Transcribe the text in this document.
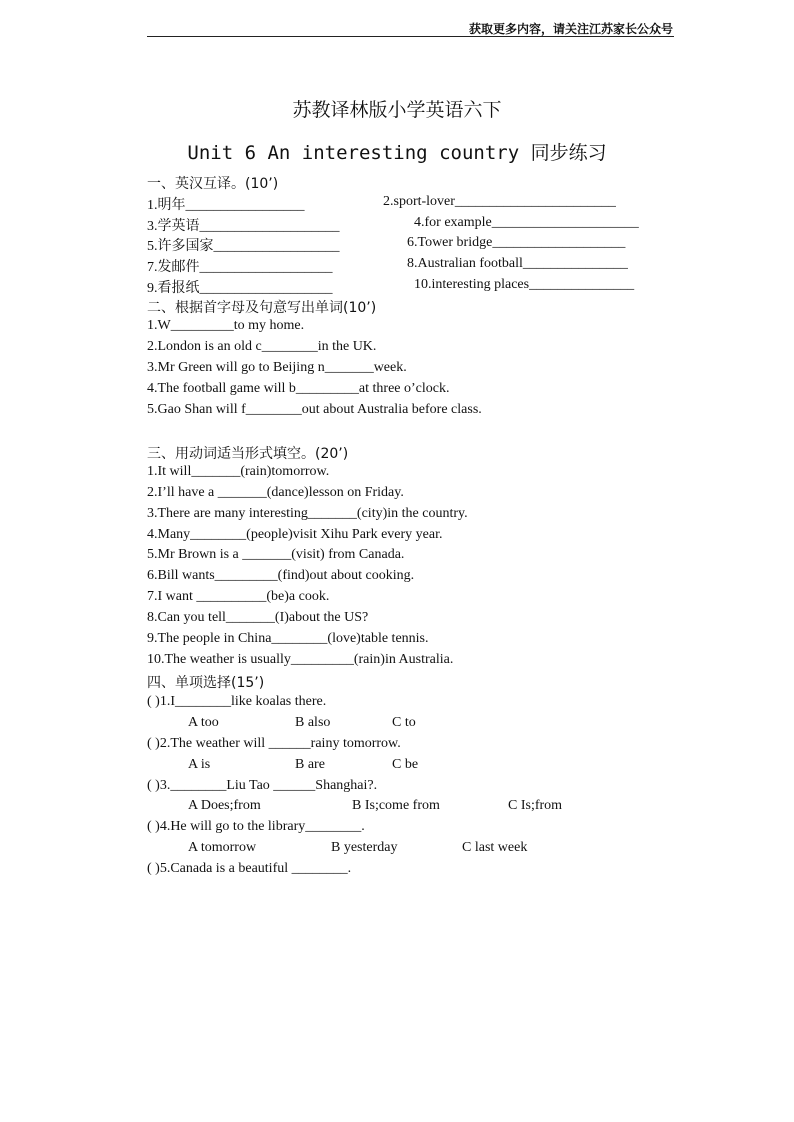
获取更多内容，请关注江苏家长公众号
苏教译林版小学英语六下
Unit 6 An interesting country 同步练习
一、英汉互译。(10’)
1.明年_________________	2.sport-lover_______________________
3.学英语____________________	4.for example_____________________
5.许多国家__________________	6.Tower bridge___________________
7.发邮件___________________	8.Australian football_______________
9.看报纸___________________	10.interesting places_______________
二、根据首字母及句意写出单词(10’)
1.W_________to my home.
2.London is an old c________in the UK.
3.Mr Green will go to Beijing n_______week.
4.The football game will b_________at three o’clock.
5.Gao Shan will f________out about Australia before class.
三、用动词适当形式填空。(20’)
1.It will_______(rain)tomorrow.
2.I’ll have a _______(dance)lesson on Friday.
3.There are many interesting_______(city)in the country.
4.Many________(people)visit Xihu Park every year.
5.Mr Brown is a _______(visit) from Canada.
6.Bill wants_________(find)out about cooking.
7.I want __________(be)a cook.
8.Can you tell_______(I)about the US?
9.The people in China________(love)table tennis.
10.The weather is usually_________(rain)in Australia.
四、单项选择(15’)
( )1.I________like koalas there.
A too	B also	C to
( )2.The weather will ______rainy tomorrow.
A is	B are	C be
( )3.________Liu Tao ______Shanghai?.
A Does;from	B Is;come from	C Is;from
( )4.He will go to the library________.
A tomorrow	B yesterday	C last week
( )5.Canada is a beautiful ________.
